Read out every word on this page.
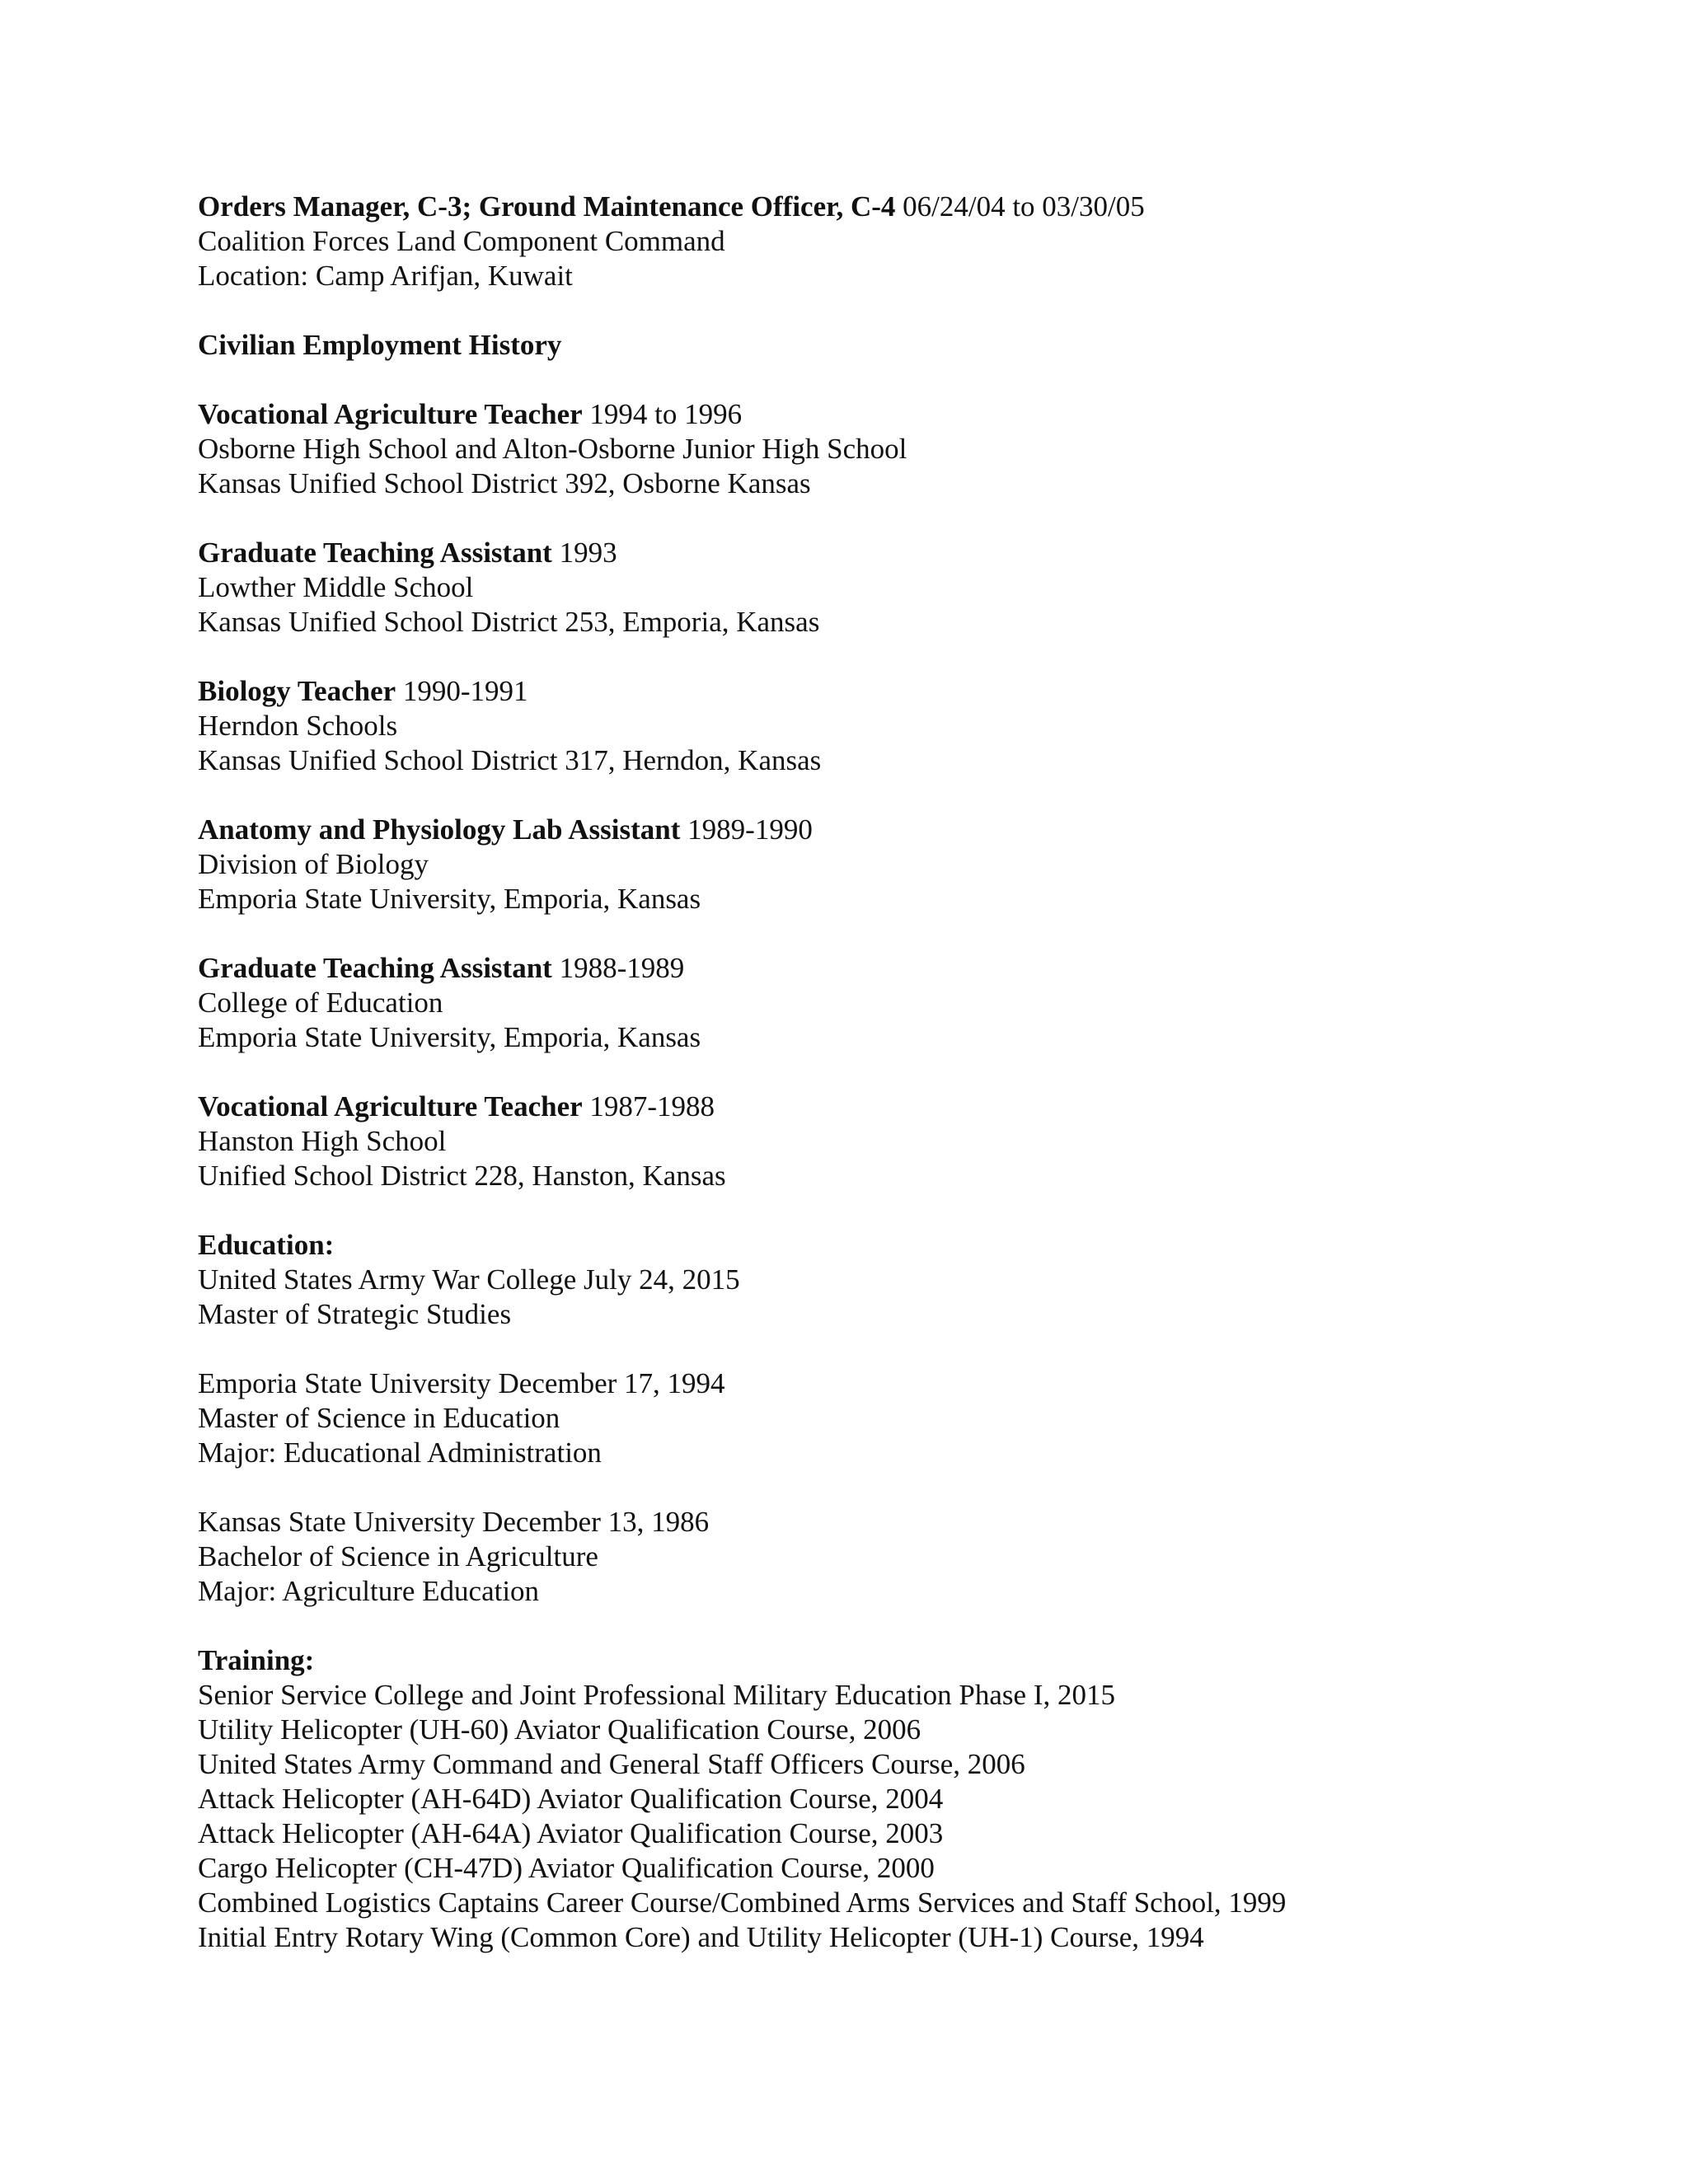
Orders Manager, C-3; Ground Maintenance Officer, C-4 06/24/04 to 03/30/05
Coalition Forces Land Component Command
Location: Camp Arifjan, Kuwait
Civilian Employment History
Vocational Agriculture Teacher 1994 to 1996
Osborne High School and Alton-Osborne Junior High School
Kansas Unified School District 392, Osborne Kansas
Graduate Teaching Assistant 1993
Lowther Middle School
Kansas Unified School District 253, Emporia, Kansas
Biology Teacher 1990-1991
Herndon Schools
Kansas Unified School District 317, Herndon, Kansas
Anatomy and Physiology Lab Assistant 1989-1990
Division of Biology
Emporia State University, Emporia, Kansas
Graduate Teaching Assistant 1988-1989
College of Education
Emporia State University, Emporia, Kansas
Vocational Agriculture Teacher 1987-1988
Hanston High School
Unified School District 228, Hanston, Kansas
Education:
United States Army War College July 24, 2015
Master of Strategic Studies
Emporia State University December 17, 1994
Master of Science in Education
Major: Educational Administration
Kansas State University December 13, 1986
Bachelor of Science in Agriculture
Major: Agriculture Education
Training:
Senior Service College and Joint Professional Military Education Phase I, 2015
Utility Helicopter (UH-60) Aviator Qualification Course, 2006
United States Army Command and General Staff Officers Course, 2006
Attack Helicopter (AH-64D) Aviator Qualification Course, 2004
Attack Helicopter (AH-64A) Aviator Qualification Course, 2003
Cargo Helicopter (CH-47D) Aviator Qualification Course, 2000
Combined Logistics Captains Career Course/Combined Arms Services and Staff School, 1999
Initial Entry Rotary Wing (Common Core) and Utility Helicopter (UH-1) Course, 1994
